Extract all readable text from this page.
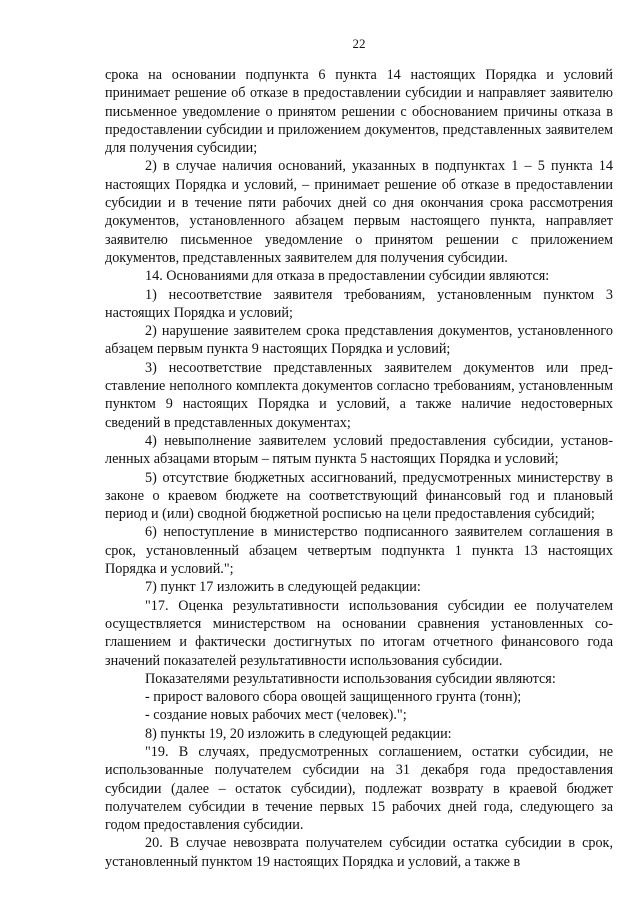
22

срока на основании подпункта 6 пункта 14 настоящих Порядка и условий принимает решение об отказе в предоставлении субсидии и направляет заявителю письменное уведомление о принятом решении с обоснованием причины отказа в предоставлении субсидии и приложением документов, представленных заявителем для получения субсидии;

2) в случае наличия оснований, указанных в подпунктах 1 – 5 пункта 14 настоящих Порядка и условий, – принимает решение об отказе в предоставлении субсидии и в течение пяти рабочих дней со дня окончания срока рассмотрения документов, установленного абзацем первым настоящего пункта, направляет заявителю письменное уведомление о принятом решении с приложением документов, представленных заявителем для получения субсидии.

14. Основаниями для отказа в предоставлении субсидии являются:

1) несоответствие заявителя требованиям, установленным пунктом 3 настоящих Порядка и условий;

2) нарушение заявителем срока представления документов, установленного абзацем первым пункта 9 настоящих Порядка и условий;

3) несоответствие представленных заявителем документов или представление неполного комплекта документов согласно требованиям, установленным пунктом 9 настоящих Порядка и условий, а также наличие недостоверных сведений в представленных документах;

4) невыполнение заявителем условий предоставления субсидии, установленных абзацами вторым – пятым пункта 5 настоящих Порядка и условий;

5) отсутствие бюджетных ассигнований, предусмотренных министерству в законе о краевом бюджете на соответствующий финансовый год и плановый период и (или) сводной бюджетной росписью на цели предоставления субсидий;

6) непоступление в министерство подписанного заявителем соглашения в срок, установленный абзацем четвертым подпункта 1 пункта 13 настоящих Порядка и условий.";

7) пункт 17 изложить в следующей редакции:

"17. Оценка результативности использования субсидии ее получателем осуществляется министерством на основании сравнения установленных соглашением и фактически достигнутых по итогам отчетного финансового года значений показателей результативности использования субсидии.

Показателями результативности использования субсидии являются:

- прирост валового сбора овощей защищенного грунта (тонн);

- создание новых рабочих мест (человек).";

8) пункты 19, 20 изложить в следующей редакции:

"19. В случаях, предусмотренных соглашением, остатки субсидии, не использованные получателем субсидии на 31 декабря года предоставления субсидии (далее – остаток субсидии), подлежат возврату в краевой бюджет получателем субсидии в течение первых 15 рабочих дней года, следующего за годом предоставления субсидии.

20. В случае невозврата получателем субсидии остатка субсидии в срок, установленный пунктом 19 настоящих Порядка и условий, а также в
